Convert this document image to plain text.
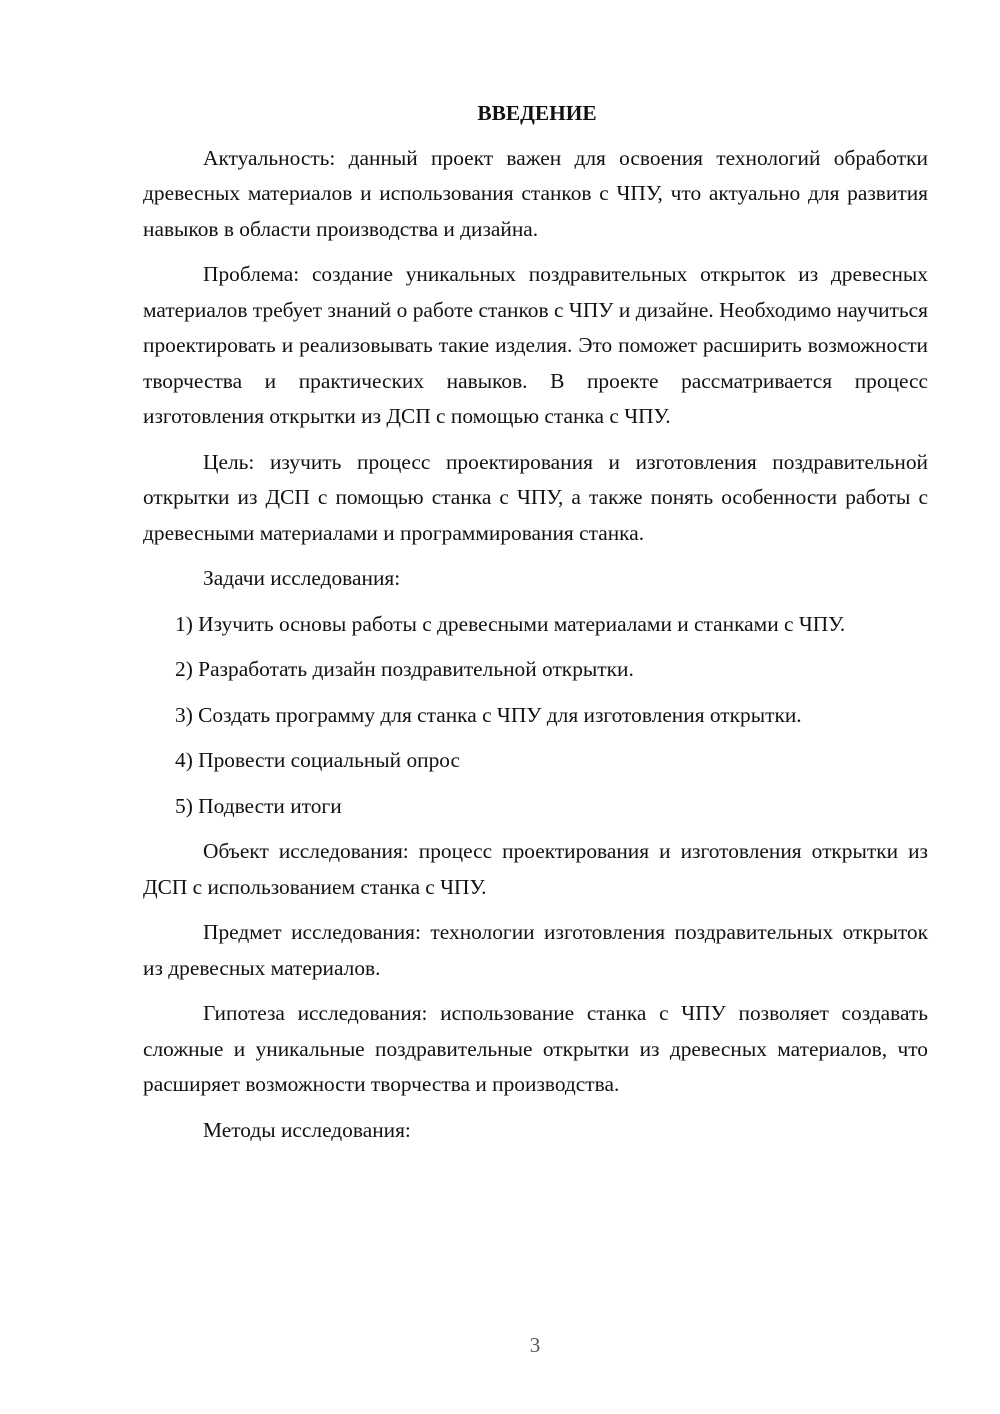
ВВЕДЕНИЕ

Актуальность: данный проект важен для освоения технологий обработки древесных материалов и использования станков с ЧПУ, что актуально для развития навыков в области производства и дизайна.

Проблема: создание уникальных поздравительных открыток из древесных материалов требует знаний о работе станков с ЧПУ и дизайне. Необходимо научиться проектировать и реализовывать такие изделия. Это поможет расширить возможности творчества и практических навыков. В проекте рассматривается процесс изготовления открытки из ДСП с помощью станка с ЧПУ.

Цель: изучить процесс проектирования и изготовления поздравительной открытки из ДСП с помощью станка с ЧПУ, а также понять особенности работы с древесными материалами и программирования станка.

Задачи исследования:

1) Изучить основы работы с древесными материалами и станками с ЧПУ.

2) Разработать дизайн поздравительной открытки.

3) Создать программу для станка с ЧПУ для изготовления открытки.

4) Провести социальный опрос

5) Подвести итоги

Объект исследования: процесс проектирования и изготовления открытки из ДСП с использованием станка с ЧПУ.

Предмет исследования: технологии изготовления поздравительных открыток из древесных материалов.

Гипотеза исследования: использование станка с ЧПУ позволяет создавать сложные и уникальные поздравительные открытки из древесных материалов, что расширяет возможности творчества и производства.

Методы исследования:

3
